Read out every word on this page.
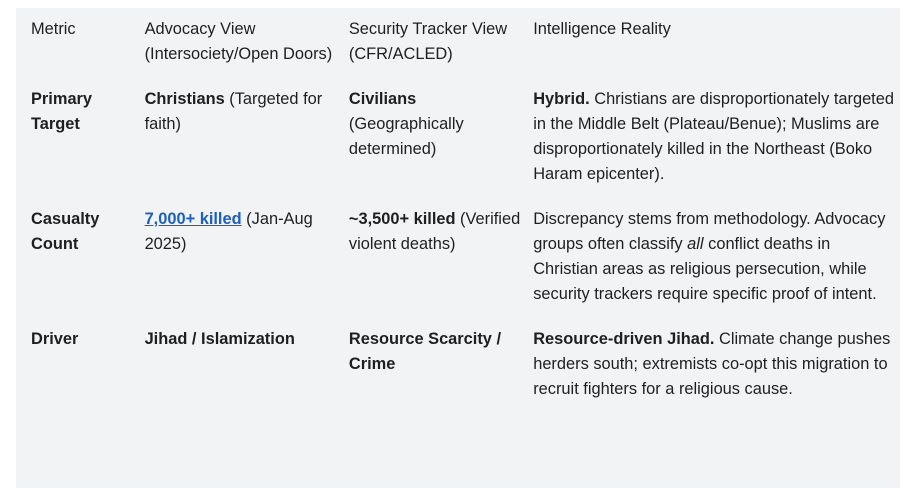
Metric	Advocacy View (Intersociety/Open Doors)	Security Tracker View (CFR/ACLED)	Intelligence Reality
Primary Target	Christians (Targeted for faith)	Civilians (Geographically determined)	Hybrid. Christians are disproportionately targeted in the Middle Belt (Plateau/Benue); Muslims are disproportionately killed in the Northeast (Boko Haram epicenter).
Casualty Count	7,000+ killed (Jan-Aug 2025)	~3,500+ killed (Verified violent deaths)	Discrepancy stems from methodology. Advocacy groups often classify all conflict deaths in Christian areas as religious persecution, while security trackers require specific proof of intent.
Driver	Jihad / Islamization	Resource Scarcity / Crime	Resource-driven Jihad. Climate change pushes herders south; extremists co-opt this migration to recruit fighters for a religious cause.
